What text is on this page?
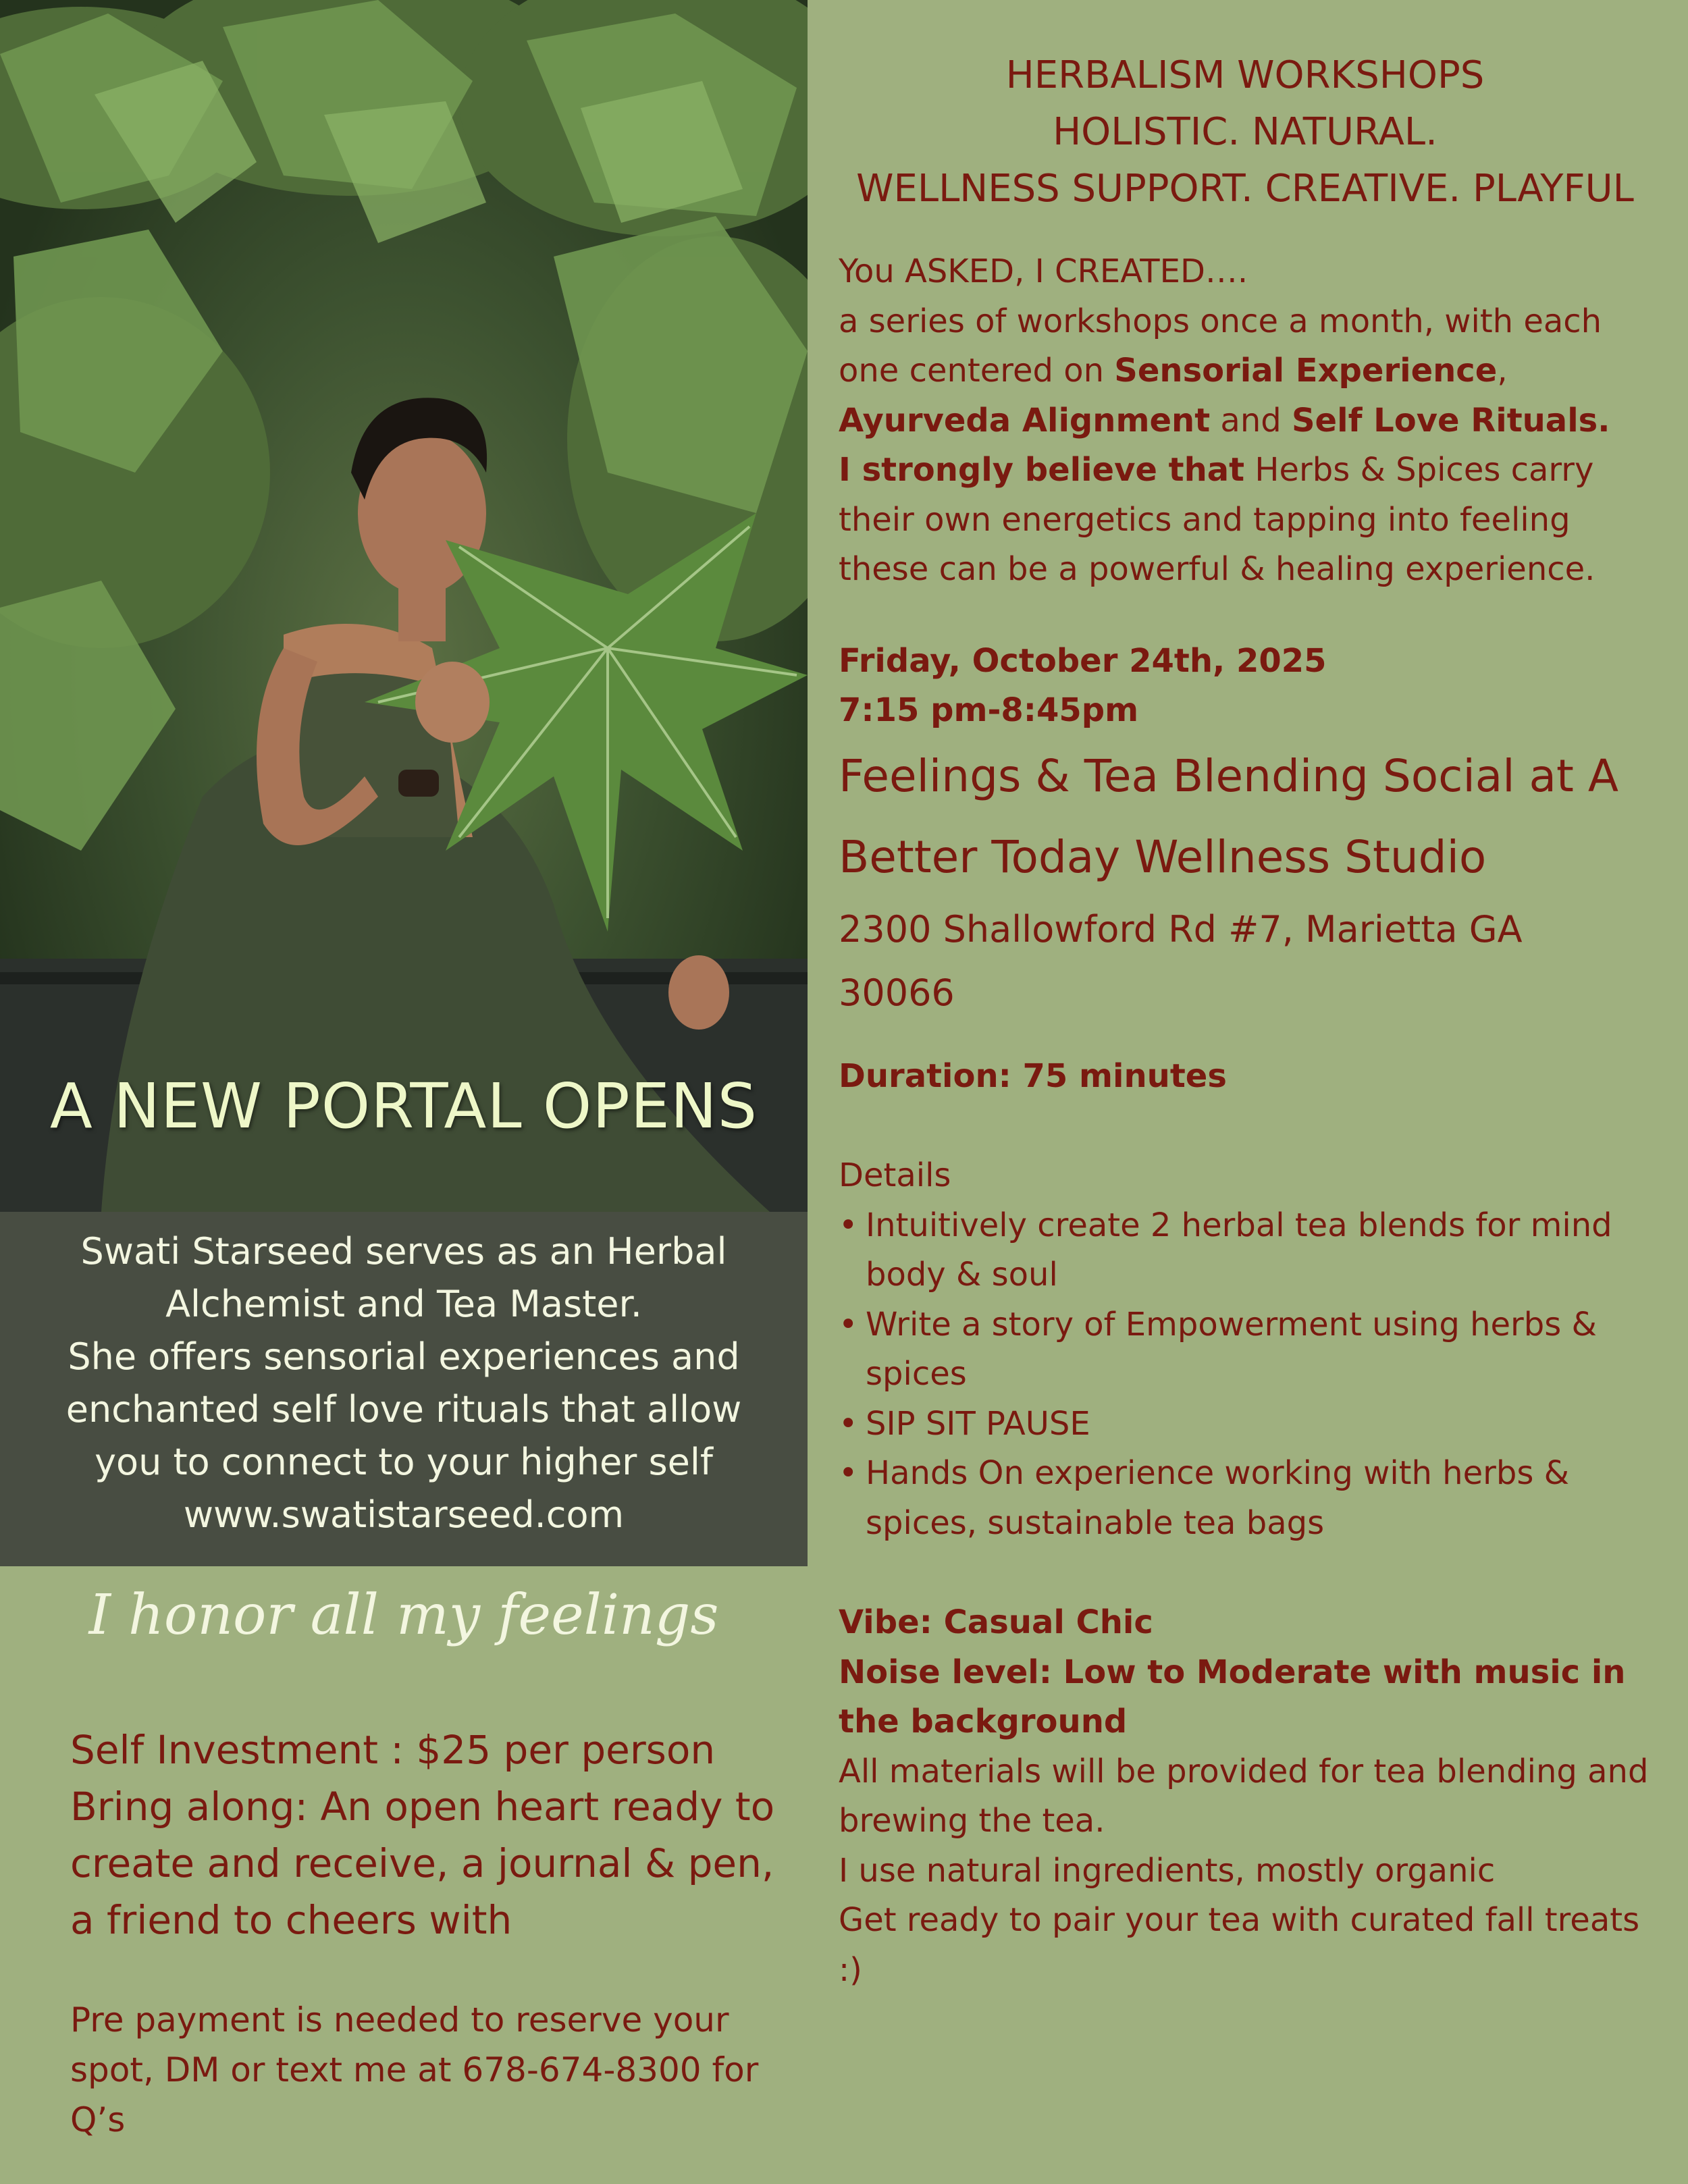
A NEW PORTAL OPENS
Swati Starseed serves as an Herbal
Alchemist and Tea Master.
She offers sensorial experiences and
enchanted self love rituals that allow
you to connect to your higher self
www.swatistarseed.com
I honor all my feelings
Self Investment : $25 per person
Bring along: An open heart ready to create and receive, a journal & pen, a friend to cheers with
Pre payment is needed to reserve your spot, DM or text me at 678-674-8300 for Q’s
HERBALISM WORKSHOPS
HOLISTIC. NATURAL.
WELLNESS SUPPORT. CREATIVE. PLAYFUL
You ASKED, I CREATED….
a series of workshops once a month, with each one centered on Sensorial Experience, Ayurveda Alignment and Self Love Rituals.
I strongly believe that Herbs & Spices carry their own energetics and tapping into feeling these can be a powerful & healing experience.
Friday, October 24th, 2025
7:15 pm-8:45pm
Feelings & Tea Blending Social at A
Better Today Wellness Studio
2300 Shallowford Rd #7, Marietta GA
30066
Duration: 75 minutes
Details
• Intuitively create 2 herbal tea blends for mind body & soul
• Write a story of Empowerment using herbs & spices
• SIP SIT PAUSE
• Hands On experience working with herbs & spices, sustainable tea bags
Vibe: Casual Chic
Noise level: Low to Moderate with music in the background
All materials will be provided for tea blending and brewing the tea.
I use natural ingredients, mostly organic
Get ready to pair your tea with curated fall treats :)
